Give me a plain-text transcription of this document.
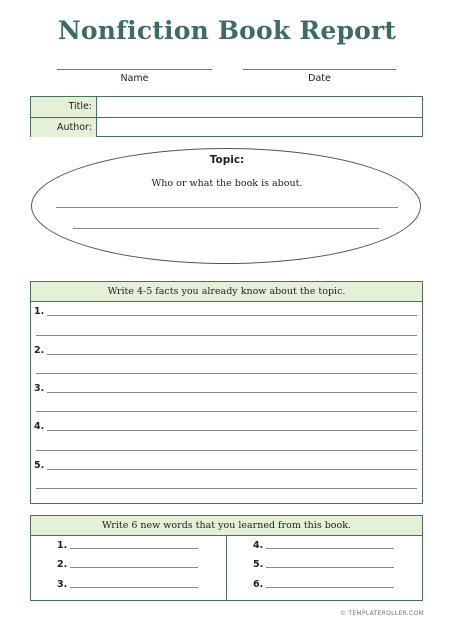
Nonfiction Book Report
Name	Date
Title:
Author:
Topic:
Who or what the book is about.
Write 4-5 facts you already know about the topic.
1.
2.
3.
4.
5.
Write 6 new words that you learned from this book.
1.
2.
3.
4.
5.
6.
© TEMPLATEROLLER.COM
